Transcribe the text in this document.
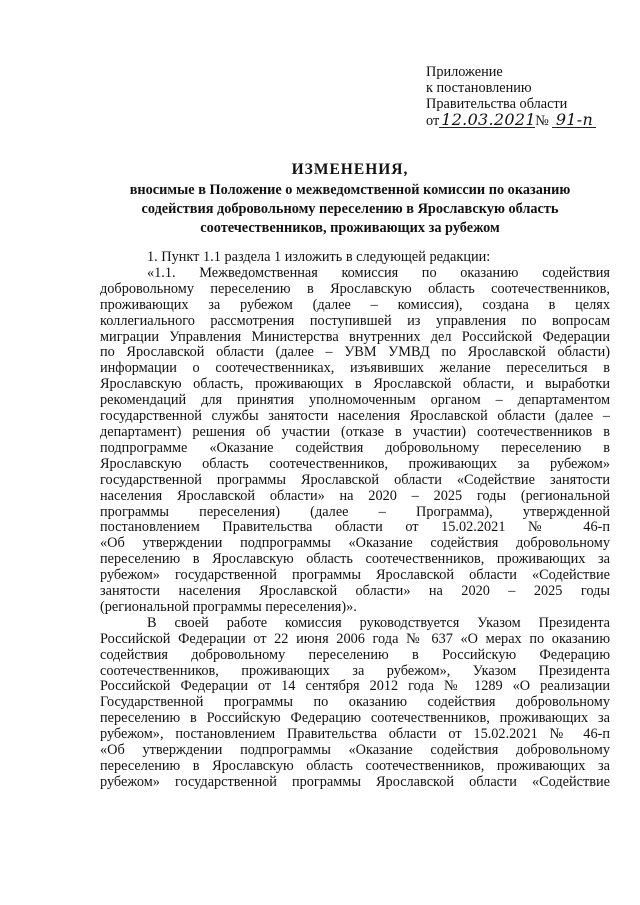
Приложение
к постановлению
Правительства области
от 12.03.2021№ 91-п
ИЗМЕНЕНИЯ,
вносимые в Положение о межведомственной комиссии по оказанию
содействия добровольному переселению в Ярославскую область
соотечественников, проживающих за рубежом
1. Пункт 1.1 раздела 1 изложить в следующей редакции:
«1.1. Межведомственная комиссия по оказанию содействия
добровольному переселению в Ярославскую область соотечественников,
проживающих за рубежом (далее – комиссия), создана в целях
коллегиального рассмотрения поступившей из управления по вопросам
миграции Управления Министерства внутренних дел Российской Федерации
по Ярославской области (далее – УВМ УМВД по Ярославской области)
информации о соотечественниках, изъявивших желание переселиться в
Ярославскую область, проживающих в Ярославской области, и выработки
рекомендаций для принятия уполномоченным органом – департаментом
государственной службы занятости населения Ярославской области (далее –
департамент) решения об участии (отказе в участии) соотечественников в
подпрограмме «Оказание содействия добровольному переселению в
Ярославскую область соотечественников, проживающих за рубежом»
государственной программы Ярославской области «Содействие занятости
населения Ярославской области» на 2020 – 2025 годы (региональной
программы переселения) (далее – Программа), утвержденной
постановлением Правительства области от 15.02.2021 № 46-п
«Об утверждении подпрограммы «Оказание содействия добровольному
переселению в Ярославскую область соотечественников, проживающих за
рубежом» государственной программы Ярославской области «Содействие
занятости населения Ярославской области» на 2020 – 2025 годы
(региональной программы переселения)».
В своей работе комиссия руководствуется Указом Президента
Российской Федерации от 22 июня 2006 года № 637 «О мерах по оказанию
содействия добровольному переселению в Российскую Федерацию
соотечественников, проживающих за рубежом», Указом Президента
Российской Федерации от 14 сентября 2012 года № 1289 «О реализации
Государственной программы по оказанию содействия добровольному
переселению в Российскую Федерацию соотечественников, проживающих за
рубежом», постановлением Правительства области от 15.02.2021 № 46-п
«Об утверждении подпрограммы «Оказание содействия добровольному
переселению в Ярославскую область соотечественников, проживающих за
рубежом» государственной программы Ярославской области «Содействие
